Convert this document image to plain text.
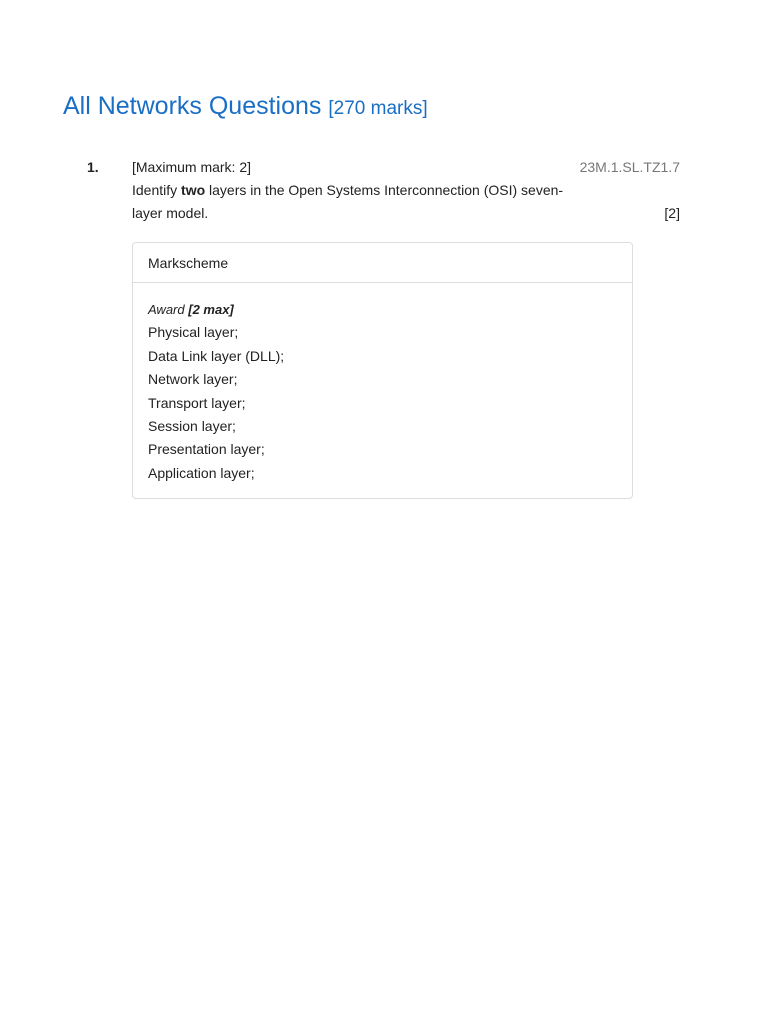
All Networks Questions [270 marks]
1. [Maximum mark: 2]
Identify two layers in the Open Systems Interconnection (OSI) seven-layer model.
23M.1.SL.TZ1.7
[2]
Markscheme
Award [2 max]
Physical layer;
Data Link layer (DLL);
Network layer;
Transport layer;
Session layer;
Presentation layer;
Application layer;
